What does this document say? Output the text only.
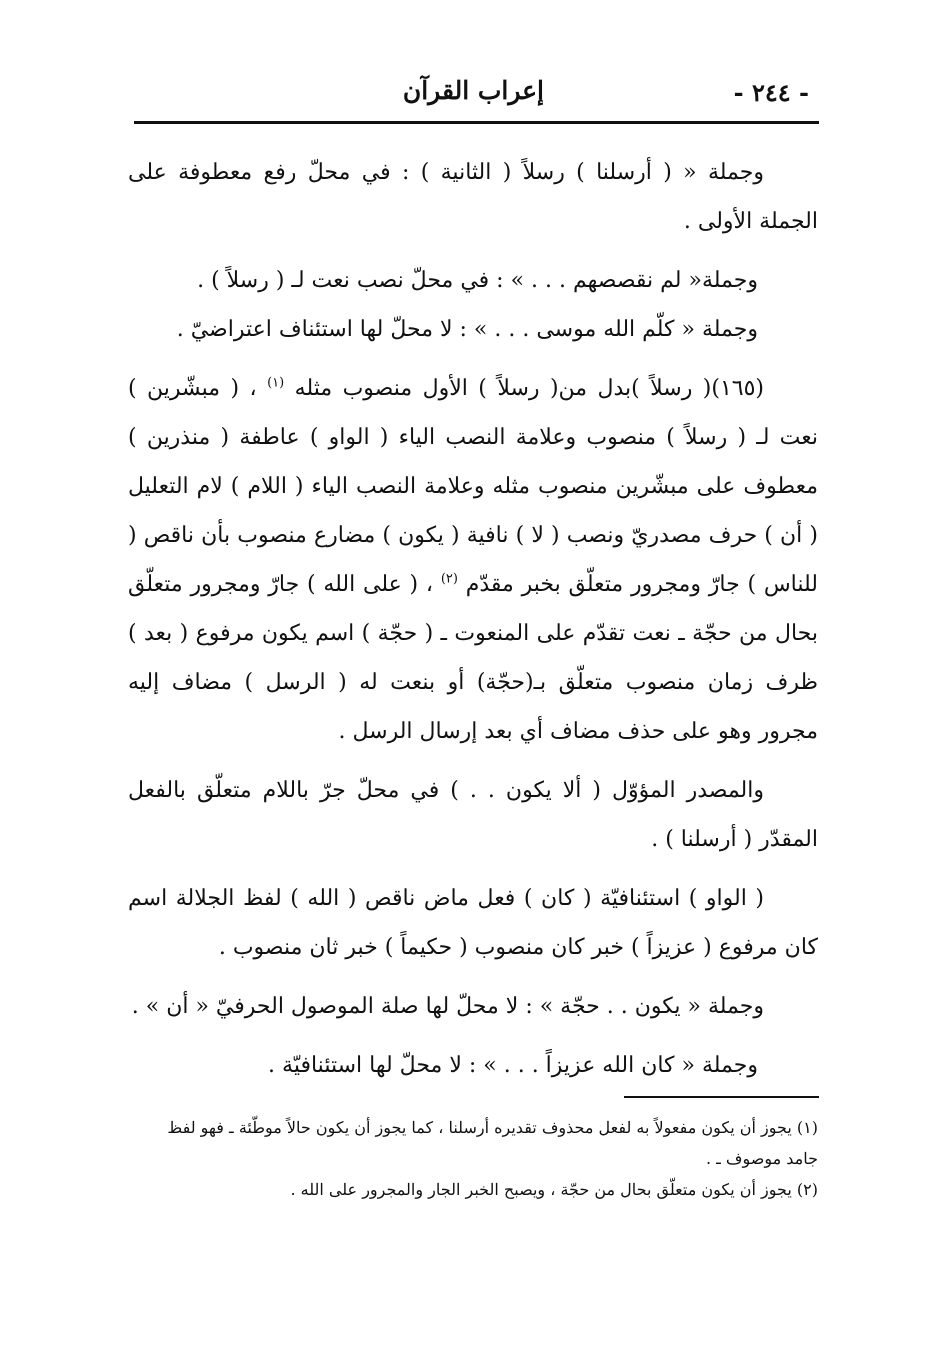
- ٢٤٤ -
إعراب القرآن

وجملة « ( أرسلنا ) رسلاً ( الثانية ) : في محلّ رفع معطوفة على الجملة الأولى .

وجملة« لم نقصصهم . . . » : في محلّ نصب نعت لـ ( رسلاً ) .

وجملة « كلّم الله موسى . . . » : لا محلّ لها استئناف اعتراضيّ .

(١٦٥)( رسلاً )بدل من( رسلاً ) الأول منصوب مثله $^{(١)}$ ، ( مبشّرين ) نعت لـ ( رسلاً ) منصوب وعلامة النصب الياء ( الواو ) عاطفة ( منذرين ) معطوف على مبشّرين منصوب مثله وعلامة النصب الياء ( اللام ) لام التعليل ( أن ) حرف مصدريّ ونصب ( لا ) نافية ( يكون ) مضارع منصوب بأن ناقص ( للناس ) جارّ ومجرور متعلّق بخبر مقدّم $^{(٢)}$ ، ( على الله ) جارّ ومجرور متعلّق بحال من حجّة ـ نعت تقدّم على المنعوت ـ ( حجّة ) اسم يكون مرفوع ( بعد ) ظرف زمان منصوب متعلّق بـ(حجّة) أو بنعت له ( الرسل ) مضاف إليه مجرور وهو على حذف مضاف أي بعد إرسال الرسل .

والمصدر المؤوّل ( ألا يكون . . ) في محلّ جرّ باللام متعلّق بالفعل المقدّر ( أرسلنا ) .

( الواو ) استئنافيّة ( كان ) فعل ماض ناقص ( الله ) لفظ الجلالة اسم كان مرفوع ( عزيزاً ) خبر كان منصوب ( حكيماً ) خبر ثان منصوب .

وجملة « يكون . . حجّة » : لا محلّ لها صلة الموصول الحرفيّ « أن » .

وجملة « كان الله عزيزاً . . . » : لا محلّ لها استئنافيّة .

(١) يجوز أن يكون مفعولاً به لفعل محذوف تقديره أرسلنا ، كما يجوز أن يكون حالاً موطّئة ـ فهو لفظ جامد موصوف ـ .

(٢) يجوز أن يكون متعلّق بحال من حجّة ، ويصبح الخبر الجار والمجرور على الله .
